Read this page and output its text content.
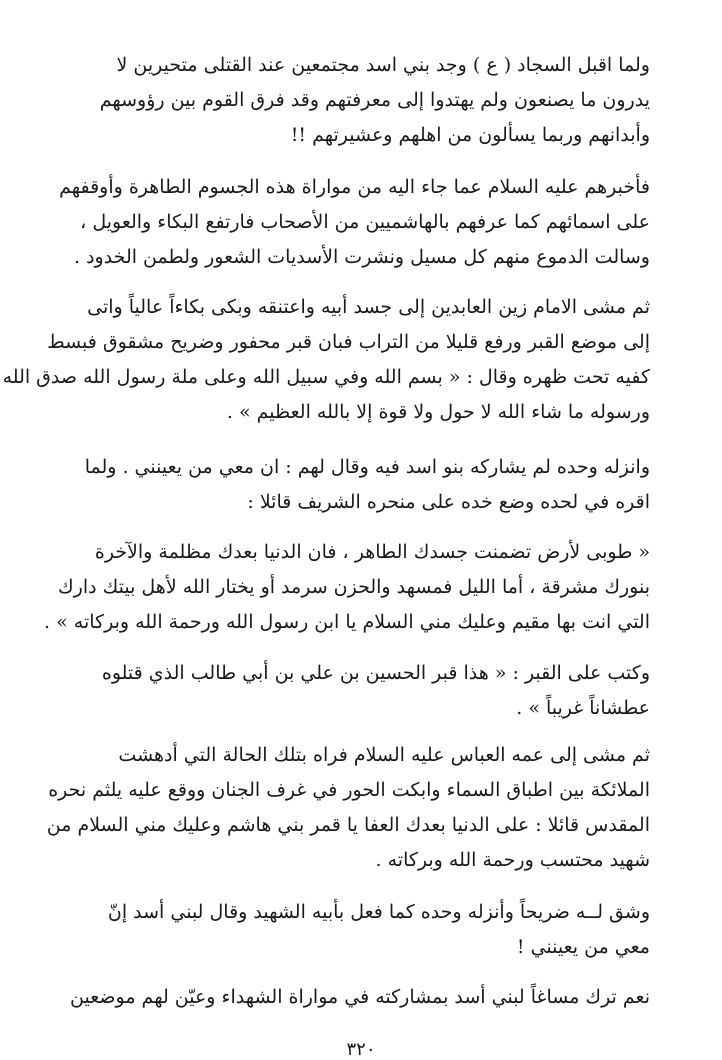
ولما اقبل السجاد ( ع ) وجد بني اسد مجتمعين عند القتلى متحيرين لا
يدرون ما يصنعون ولم يهتدوا إلى معرفتهم وقد فرق القوم بين رؤوسهم
وأبدانهم وربما يسألون من اهلهم وعشيرتهم !!

فأخبرهم عليه السلام عما جاء اليه من مواراة هذه الجسوم الطاهرة وأوقفهم
على اسمائهم كما عرفهم بالهاشميين من الأصحاب فارتفع البكاء والعويل ،
وسالت الدموع منهم كل مسيل ونشرت الأسديات الشعور ولطمن الخدود .

ثم مشى الامام زين العابدين إلى جسد أبيه واعتنقه وبكى بكاءاً عالياً واتى
إلى موضع القبر ورفع قليلا من التراب فبان قبر محفور وضريح مشقوق فبسط
كفيه تحت ظهره وقال : « بسم الله وفي سبيل الله وعلى ملة رسول الله صدق الله
ورسوله ما شاء الله لا حول ولا قوة إلا بالله العظيم » .

وانزله وحده لم يشاركه بنو اسد فيه وقال لهم : ان معي من يعينني . ولما
اقره في لحده وضع خده على منحره الشريف قائلا :

« طوبى لأرض تضمنت جسدك الطاهر ، فان الدنيا بعدك مظلمة والآخرة
بنورك مشرقة ، أما الليل فمسهد والحزن سرمد أو يختار الله لأهل بيتك دارك
التي انت بها مقيم وعليك مني السلام يا ابن رسول الله ورحمة الله وبركاته » .

وكتب على القبر : « هذا قبر الحسين بن علي بن أبي طالب الذي قتلوه
عطشاناً غريباً » .

ثم مشى إلى عمه العباس عليه السلام فراه بتلك الحالة التي أدهشت
الملائكة بين اطباق السماء وابكت الحور في غرف الجنان ووقع عليه يلثم نحره
المقدس قائلا : على الدنيا بعدك العفا يا قمر بني هاشم وعليك مني السلام من
شهيد محتسب ورحمة الله وبركاته .

وشق لــه ضريحاً وأنزله وحده كما فعل بأبيه الشهيد وقال لبني أسد إنّ
معي من يعينني !

نعم ترك مساغاً لبني أسد بمشاركته في مواراة الشهداء وعيّن لهم موضعين

٣٢٠
